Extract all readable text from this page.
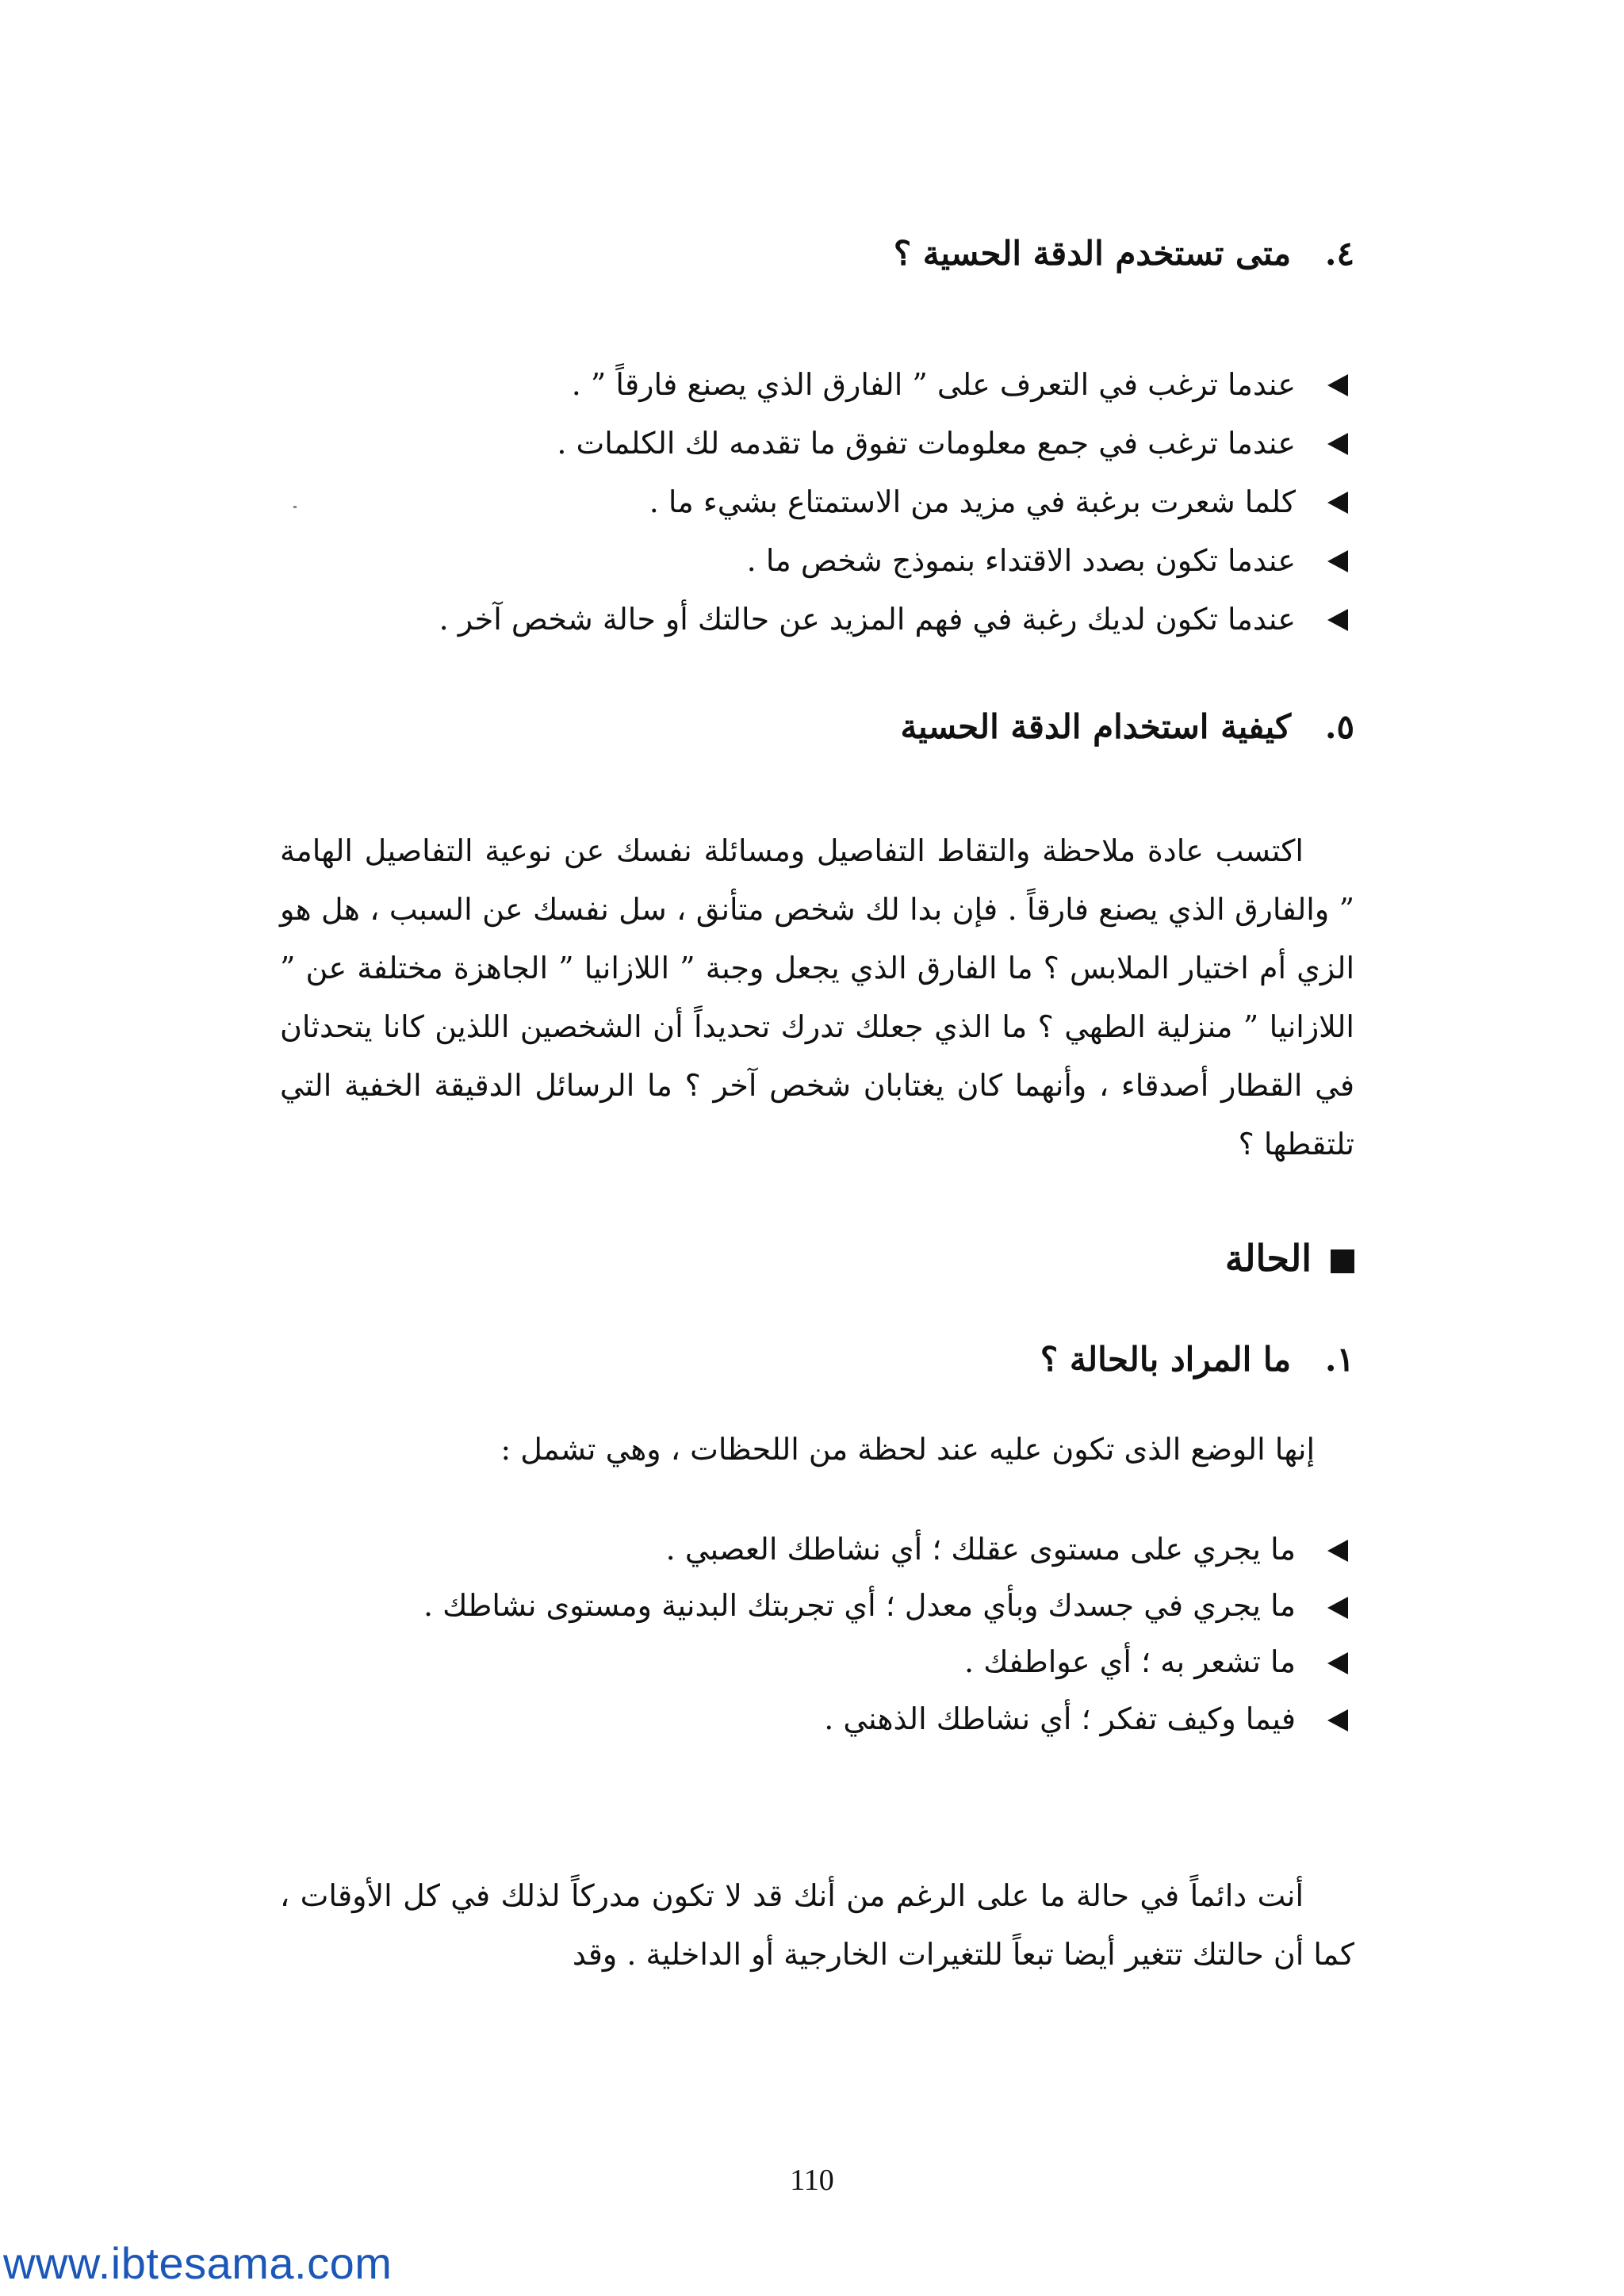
٤. متى تستخدم الدقة الحسية ؟
عندما ترغب في التعرف على ” الفارق الذي يصنع فارقاً ” .
عندما ترغب في جمع معلومات تفوق ما تقدمه لك الكلمات .
كلما شعرت برغبة في مزيد من الاستمتاع بشيء ما .
عندما تكون بصدد الاقتداء بنموذج شخص ما .
عندما تكون لديك رغبة في فهم المزيد عن حالتك أو حالة شخص آخر .
٥. كيفية استخدام الدقة الحسية

اكتسب عادة ملاحظة والتقاط التفاصيل ومسائلة نفسك عن نوعية التفاصيل الهامة ” والفارق الذي يصنع فارقاً . فإن بدا لك شخص متأنق ، سل نفسك عن السبب ، هل هو الزي أم اختيار الملابس ؟ ما الفارق الذي يجعل وجبة ” اللازانيا ” الجاهزة مختلفة عن ” اللازانيا ” منزلية الطهي ؟ ما الذي جعلك تدرك تحديداً أن الشخصين اللذين كانا يتحدثان في القطار أصدقاء ، وأنهما كان يغتابان شخص آخر ؟ ما الرسائل الدقيقة الخفية التي تلتقطها ؟

الحالة
١. ما المراد بالحالة ؟

إنها الوضع الذى تكون عليه عند لحظة من اللحظات ، وهي تشمل :

ما يجري على مستوى عقلك ؛ أي نشاطك العصبي .
ما يجري في جسدك وبأي معدل ؛ أي تجربتك البدنية ومستوى نشاطك .
ما تشعر به ؛ أي عواطفك .
فيما وكيف تفكر ؛ أي نشاطك الذهني .

أنت دائماً في حالة ما على الرغم من أنك قد لا تكون مدركاً لذلك في كل الأوقات ، كما أن حالتك تتغير أيضا تبعاً للتغيرات الخارجية أو الداخلية . وقد

110
www.ibtesama.com
